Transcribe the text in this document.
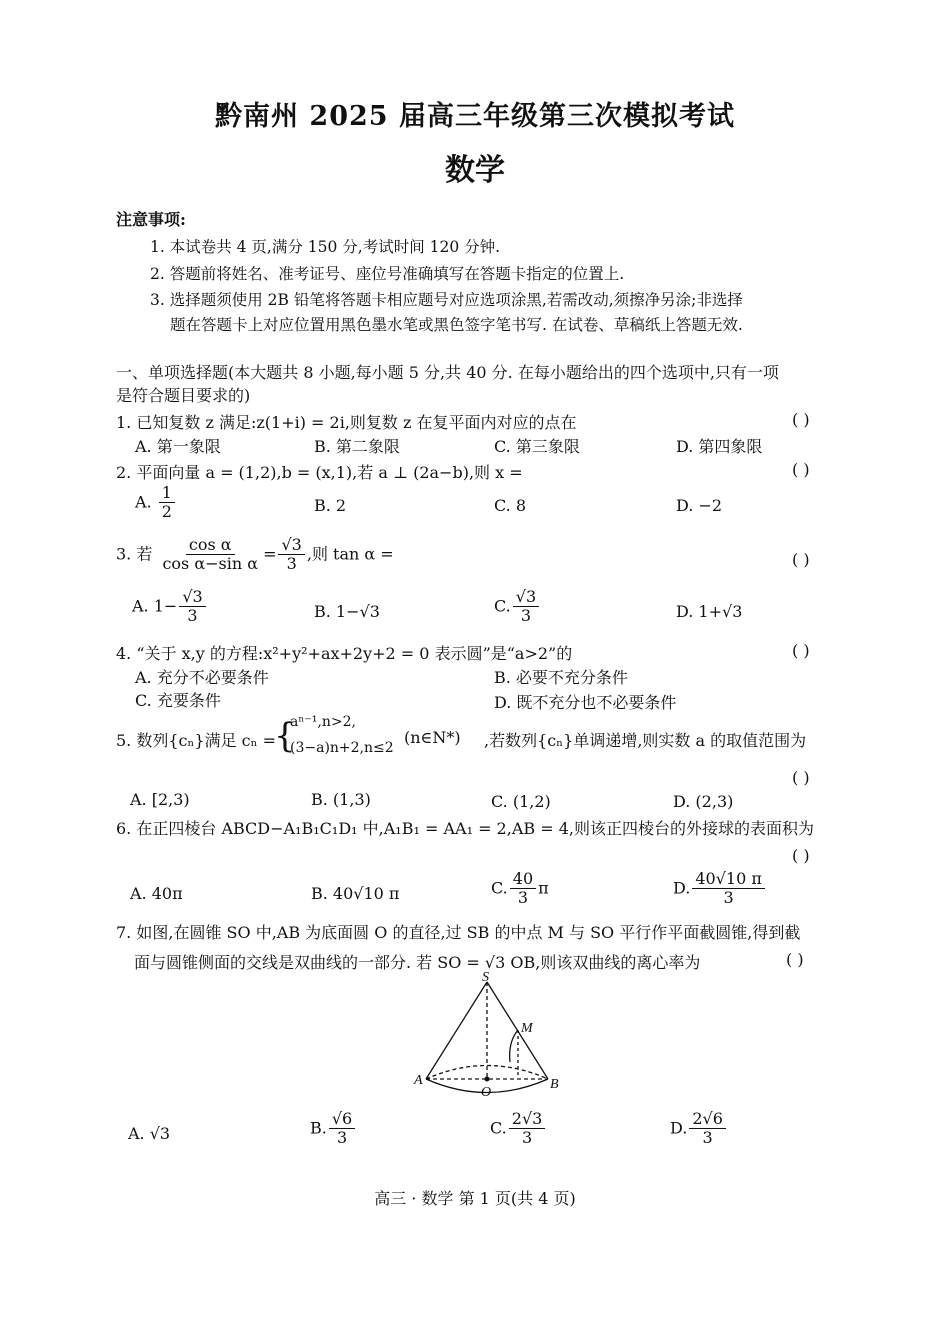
黔南州 2025 届高三年级第三次模拟考试
数学
注意事项:
1. 本试卷共 4 页,满分 150 分,考试时间 120 分钟.
2. 答题前将姓名、准考证号、座位号准确填写在答题卡指定的位置上.
3. 选择题须使用 2B 铅笔将答题卡相应题号对应选项涂黑,若需改动,须擦净另涂;非选择
题在答题卡上对应位置用黑色墨水笔或黑色签字笔书写. 在试卷、草稿纸上答题无效.
一、单项选择题(本大题共 8 小题,每小题 5 分,共 40 分. 在每小题给出的四个选项中,只有一项
是符合题目要求的)
1. 已知复数 z 满足:z(1+i) = 2i,则复数 z 在复平面内对应的点在	( )
A. 第一象限	B. 第二象限	C. 第三象限	D. 第四象限
2. 平面向量 a = (1,2),b = (x,1),若 a ⊥ (2a−b),则 x =	( )
A. $\frac{1}{2}$	B. 2	C. 8	D. −2
3. 若 $\frac{\text{cos α}}{\text{cos α−sin α}} = \frac{√3}{3}$ ,则 tan α =	( )
A. $1- \frac{√3}{3}$	B. 1−√3	C. $\frac{√3}{3}$	D. 1+√3
4. “关于 x,y 的方程:x²+y²+ax+2y+2 = 0 表示圆”是“a>2”的	( )
A. 充分不必要条件	B. 必要不充分条件
C. 充要条件	D. 既不充分也不必要条件
5. 数列{cₙ}满足 cₙ =
{
aⁿ⁻¹,n>2,
(3−a)n+2,n≤2
(n∈N*) ,若数列{cₙ}单调递增,则实数 a 的取值范围为
( )
A. [2,3)	B. (1,3)	C. (1,2)	D. (2,3)
6. 在正四棱台 ABCD−A₁B₁C₁D₁ 中,A₁B₁ = AA₁ = 2,AB = 4,则该正四棱台的外接球的表面积为
( )
A. 40π	B. 40√10 π	C. $\frac{40}{3}$ π	D. $\frac{40√10 \pi}{3}$
7. 如图,在圆锥 SO 中,AB 为底面圆 O 的直径,过 SB 的中点 M 与 SO 平行作平面截圆锥,得到截
面与圆锥侧面的交线是双曲线的一部分. 若 SO = √3 OB,则该双曲线的离心率为	( )
S
M
A	B
O
A. √3	B. $\frac{√6}{3}$	C. $\frac{2√3}{3}$	D. $\frac{2√6}{3}$
高三 · 数学 第 1 页(共 4 页)
